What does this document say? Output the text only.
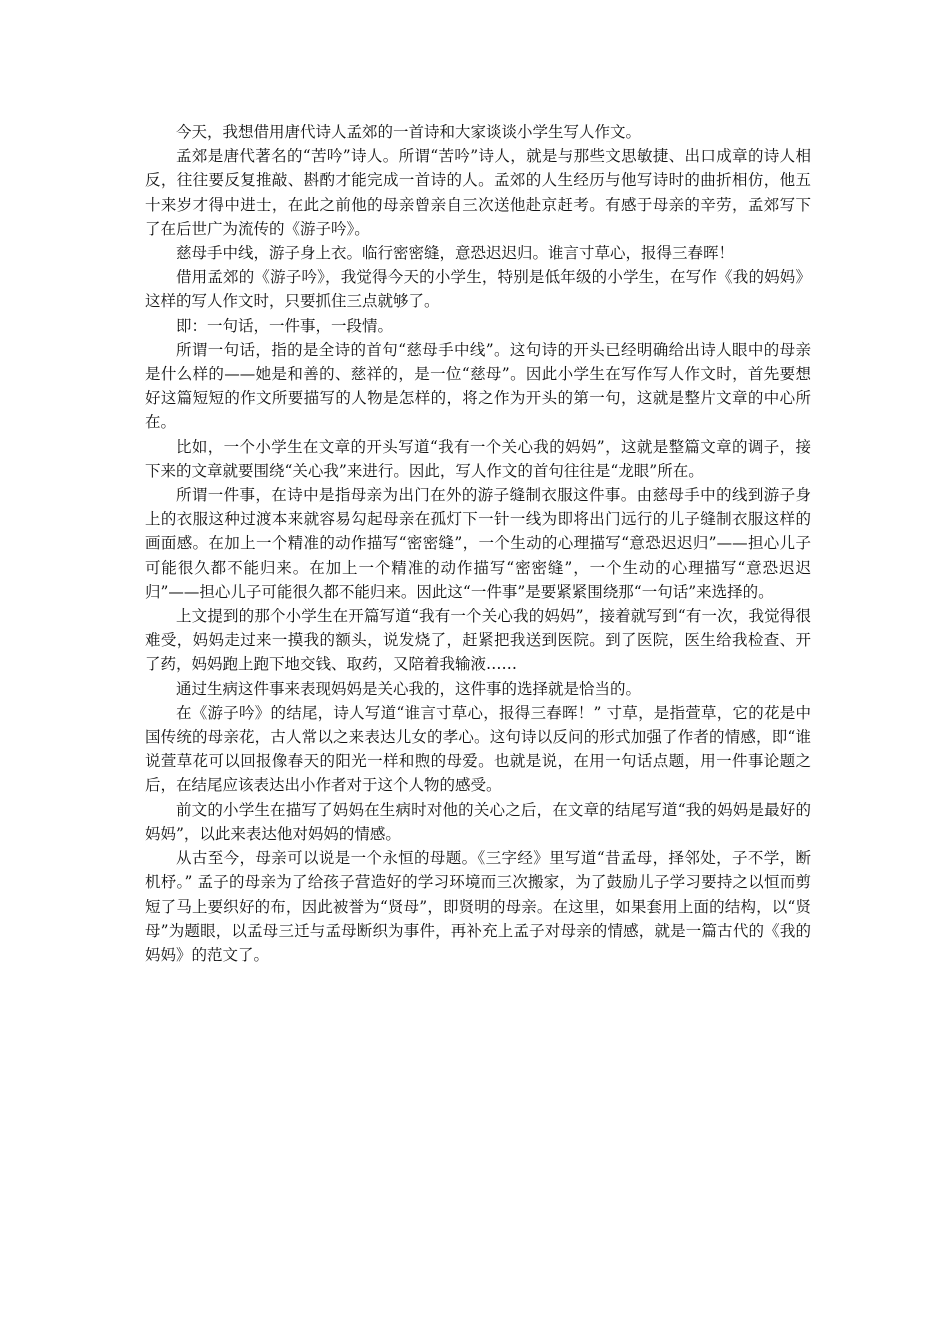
今天，我想借用唐代诗人孟郊的一首诗和大家谈谈小学生写人作文。

孟郊是唐代著名的“苦吟”诗人。所谓“苦吟”诗人，就是与那些文思敏捷、出口成章的诗人相反，往往要反复推敲、斟酌才能完成一首诗的人。孟郊的人生经历与他写诗时的曲折相仿，他五十来岁才得中进士，在此之前他的母亲曾亲自三次送他赴京赶考。有感于母亲的辛劳，孟郊写下了在后世广为流传的《游子吟》。

慈母手中线，游子身上衣。临行密密缝，意恐迟迟归。谁言寸草心，报得三春晖！

借用孟郊的《游子吟》，我觉得今天的小学生，特别是低年级的小学生，在写作《我的妈妈》这样的写人作文时，只要抓住三点就够了。

即：一句话，一件事，一段情。

所谓一句话，指的是全诗的首句“慈母手中线”。这句诗的开头已经明确给出诗人眼中的母亲是什么样的——她是和善的、慈祥的，是一位“慈母”。因此小学生在写作写人作文时，首先要想好这篇短短的作文所要描写的人物是怎样的，将之作为开头的第一句，这就是整片文章的中心所在。

比如，一个小学生在文章的开头写道“我有一个关心我的妈妈”，这就是整篇文章的调子，接下来的文章就要围绕“关心我”来进行。因此，写人作文的首句往往是“龙眼”所在。

所谓一件事，在诗中是指母亲为出门在外的游子缝制衣服这件事。由慈母手中的线到游子身上的衣服这种过渡本来就容易勾起母亲在孤灯下一针一线为即将出门远行的儿子缝制衣服这样的画面感。在加上一个精准的动作描写“密密缝”，一个生动的心理描写“意恐迟迟归”——担心儿子可能很久都不能归来。在加上一个精准的动作描写“密密缝”，一个生动的心理描写“意恐迟迟归”——担心儿子可能很久都不能归来。因此这“一件事”是要紧紧围绕那“一句话”来选择的。

上文提到的那个小学生在开篇写道“我有一个关心我的妈妈”，接着就写到“有一次，我觉得很难受，妈妈走过来一摸我的额头，说发烧了，赶紧把我送到医院。到了医院，医生给我检查、开了药，妈妈跑上跑下地交钱、取药，又陪着我输液……

通过生病这件事来表现妈妈是关心我的，这件事的选择就是恰当的。

在《游子吟》的结尾，诗人写道“谁言寸草心，报得三春晖！” 寸草，是指萱草，它的花是中国传统的母亲花，古人常以之来表达儿女的孝心。这句诗以反问的形式加强了作者的情感，即“谁说萱草花可以回报像春天的阳光一样和煦的母爱。也就是说，在用一句话点题，用一件事论题之后，在结尾应该表达出小作者对于这个人物的感受。

前文的小学生在描写了妈妈在生病时对他的关心之后，在文章的结尾写道“我的妈妈是最好的妈妈”，以此来表达他对妈妈的情感。

从古至今，母亲可以说是一个永恒的母题。《三字经》里写道“昔孟母，择邻处，子不学，断机杼。” 孟子的母亲为了给孩子营造好的学习环境而三次搬家，为了鼓励儿子学习要持之以恒而剪短了马上要织好的布，因此被誉为“贤母”，即贤明的母亲。在这里，如果套用上面的结构，以“贤母”为题眼，以孟母三迁与孟母断织为事件，再补充上孟子对母亲的情感，就是一篇古代的《我的妈妈》的范文了。
